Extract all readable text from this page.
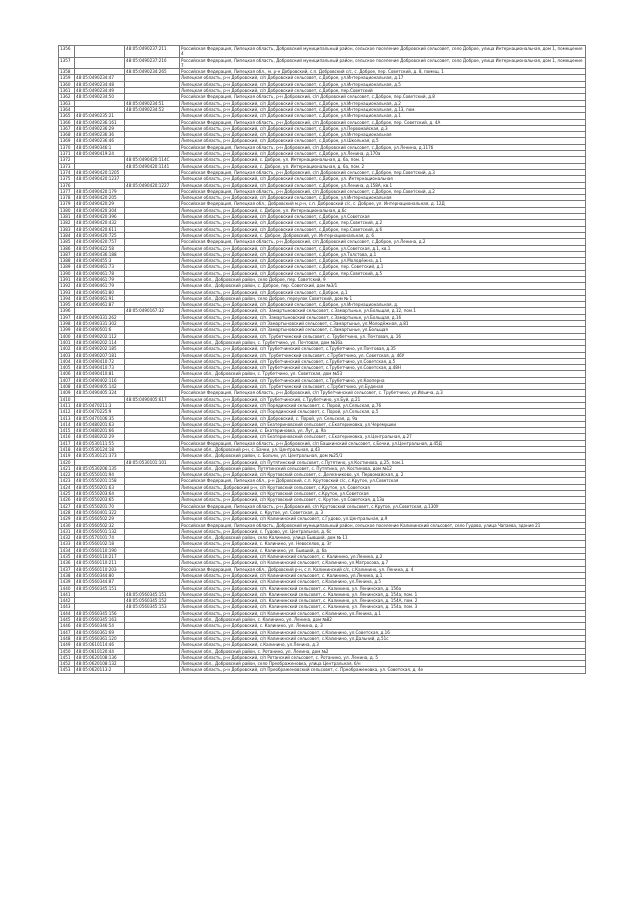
1356		48:05:0490237:211	Российская Федерация, Липецкая область, Добровский муниципальный район, сельское поселение Добровский сельсовет, село Доброе, улица Интернациональная, дом 1, помещение 4
1357		48:05:0490237:216	Российская Федерация, Липецкая область, Добровский муниципальный район, сельское поселение Добровский сельсовет, село Доброе, улица Интернациональная, дом 1, помещение 7
1358		48:05:0490234:265	Российская Федерация, Липецкая обл., м. р-н Добровский, с.п. Добровский с/с, с. Доброе, пер. Советский, д. 8, помещ. 1
1359	48:05:0490234:47		Липецкая область, р-н Добровский, с/п Добровский сельсовет, с.Доброе, ул.Интернациональная, д.17
1360	48:05:0490234:48		Липецкая область, р-н Добровский, с/п Добровский сельсовет, с.Доброе, ул.Интернациональная, д.5
1361	48:05:0490234:49		Липецкая область, р-н Добровский, с/п Добровский сельсовет, с.Доброе, пер.Советский
1362	48:05:0490234:50		Российская Федерация, Липецкая область, р-н Добровский, с/п Добровский сельсовет, с.Доброе, пер.Советский, д.8
1363		48:05:0490234:51	Липецкая область, р-н Добровский, с/п Добровский сельсовет, с.Доброе, ул.Интернациональная, д.2
1364		48:05:0490234:52	Липецкая область, р-н Добровский, с/п Добровский сельсовет, с.Доброе, ул.Интернациональная, д.13, пом.
1365	48:05:0490235:21		Липецкая область, р-н Добровский, с/п Добровский сельсовет, с.Доброе, ул.Интернациональная, д.1
1366	48:05:0490236:161		Российская Федерация, Липецкая область, р-н Добровский, с/п Добровский сельсовет, с.Доброе, пер. Советский, д. 4А
1367	48:05:0490236:29		Липецкая область, р-н Добровский, с/п Добровский сельсовет, с.Доброе, ул.Первомайская, д.3
1368	48:05:0490236:36		Липецкая область, р-н Добровский, с/п Добровский сельсовет, с.Доброе, ул.Интернациональная
1369	48:05:0490236:46		Липецкая область, р-н Добровский, с/п Добровский сельсовет, с.Доброе, ул.Школьная, д.5
1370	48:05:0490346:1		Российская Федерация, Липецкая область, р-н Добровский, с/п Добровский сельсовет, с.Доброе, ул.Ленина, д.117б
1371	48:05:0490419:24		Липецкая область, р-н Добровский, с/п Добровский сельсовет, с.Доброе, ул.Ленина, д.170а
1372		48:05:0490420:114С	Липецкая область, р-н Добровский, с. Доброе, ул. Интернациональная, д. 6а, пом. 1
1373		48:05:0490420:1141	Липецкая область, р-н Добровский, с. Доброе, ул. Интернациональная, д. 6а, пом. 2
1374	48:05:0490420:1205		Российская Федерация, Липецкая область, р-н Добровский, с/п Добровский сельсовет, с.Доброе, пер.Советский, д.3
1375	48:05:0490420:1237		Липецкая область, р-н Добровский, с/п Добровский сельсовет, с.Доброе, ул. Интернациональная
1376		48:05:0490420:1227	Липецкая область, р-н Добровский, с/п Добровский сельсовет, с.Доброе, ул.Ленина, д.158А, кв.1
1377	48:05:0490420:179		Российская Федерация, Липецкая область, р-н Добровский, с/п Добровский сельсовет, с.Доброе, пер.Советский, д.2
1378	48:05:0490420:205		Липецкая область, р-н Добровский, с/п Добровский сельсовет, с.Доброе, ул.Интернациональная
1379	48:05:0490420:29		Российская Федерация, Липецкая обл., Добровский м.р-н, с.п. Добровский с/с, с. Доброе, ул. Интернациональная, д. 12Д
1380	48:05:0490420:304		Липецкая область, р-н Добровский, с. Доброе, ул. Интернациональная, д.6с
1381	48:05:0490420:396		Липецкая область, р-н Добровский, с/п Добровский сельсовет, с.Доброе, ул.Советская
1382	48:05:0490420:432		Липецкая область, р-н Добровский, с/п Добровский сельсовет, с.Доброе, пер.Советский, д.2
1383	48:05:0490420:611		Липецкая область, р-н Добровский, с/п Добровский сельсовет, с.Доброе, пер.Советский, д.6
1384	48:05:0490420:725		Липецкая область, р-н Добровский, с. Доброе, Добровский, ул. Интернациональная, д. 6
1385	48:05:0490420:757		Российская Федерация, Липецкая область, р-н Добровский, с/п Добровский сельсовет, с.Доброе, ул.Ленина, д.2
1386	48:05:0490422:58		Липецкая область, р-н Добровский, с/п Добровский сельсовет, с.Доброе, ул.Советская, д.1, кв.1
1387	48:05:0490436:188		Липецкая область, р-н Добровский, с/п Добровский сельсовет, с.Доброе, ул.Толстова, д.1
1388	48:05:0490455:3		Липецкая область, р-н Добровский, с/п Добровский сельсовет, с.Доброе, ул.Молодёжна, д.1
1389	48:05:0490461:73		Липецкая область, р-н Добровский, с/п Добровский сельсовет, с.Доброе, пер. Советский, д.1
1390	48:05:0490461:78		Липецкая область, р-н Добровский, с/п Добровский сельсовет, с.Доброе, пер.Советский, д.5
1391	48:05:0490461:79		Липецкая обл., Добровский район, село Доброе, пер. Советский, 9
1392	48:05:0490461:79		Липецкая обл., Добровский район, с. Доброе, пер. Советский, дом №3/1
1393	48:05:0490461:80		Липецкая область, р-н Добровский, с/п Добровский сельсовет, с.Доброе, д.1
1394	48:05:0490461:91		Липецкая обл., Добровский район, село Доброе, переулок Советский, дом № 1
1395	48:05:0490461:87		Липецкая область, р-н Добровский, с/п Добровский сельсовет, с.Доброе, ул.Интернациональная, д.
1396		48:05:0490167:32	Липецкая область, р-н Добровский, с/п. Замартыновский сельсовет, с.Замартынье, ул.Больщая, д.12, пом.1
1397	48:05:0490331:262		Липецкая область, р-н Добровский, с/п. Замартыновский сельсовет, с.Замартынье, ул.Больщая, д.16
1398	48:05:0490331:302		Липецкая область, р-н Добровский, с/п Замартыновский сельсовет, с.Замартынье, ул.Молодёжная, д.81
1399	48:05:0490501:6		Липецкая область, р-н Добровский, с/п Замартыновский сельсовет, с.Замартынье, ул.Больщая
1400	48:05:0490202:112		Липецкая область, р-н Добровский, с/п. Трубетчинский сельсовет, с. Трубетчино, ул. Почтовая, д. 16
1401	48:05:0490202:114		Липецкая обл., Добровский район, с. Трубетчино, ул. Почтовая, дом №16а
1402	48:05:0490202:185		Липецкая область, р-н Добровский, с/п Трубетчинский сельсовет, с.Трубетчино, ул.Почтовая, д.35
1403	48:05:0490207:181		Липецкая область, р-н Добровский, с/п. Трубетчинский сельсовет, с.Трубетчино, ул. Советская, д. 46У
1404	48:05:0490410:72		Липецкая область, р-н Добровский, с/п Трубетчинский сельсовет, с.Трубетчино, ул.Советская, д.5
1405	48:05:0490410:73		Липецкая область, р-н Добровский, с/п Трубетчинский сельсовет, с.Трубетчино, ул.Советская, д.48Н
1406	48:05:0490410:81		Липецкая обл., Добровский район, с. Трубетчино, ул. Советская, дом №53
1407	48:05:0490402:116		Липецкая область, р-н Добровский, с/п Трубетчинский сельсовет, с.Трубетчино, ул.Кооперна
1408	48:05:0490405:142		Липецкая область, р-н Добровский, с/п. Трубетчинский сельсовет, с.Трубетчино, ул.Буденая
1409	48:05:0490405:324		Российская Федерация, Липецкая область, р-н Добровский, с/п Трубетчинский сельсовет, с. Трубетчино, ул.Ильича, д.3
1410		48:05:0490405:617	Липецкая область, р-н Добровский, с/п Трубетчинский, с.Трубетчино, ул.Буй, д.21
1411	48:05:0470211:3		Липецкая область, р-н Добровский, с/п Порядинский сельсовет, с. Порой, ул.Сельская, д.76
1412	48:05:0470225:9		Липецкая область, р-н Добровский, с/п Порядинский сельсовет, с. Порой, ул.Сельская, д.5
1413	48:05:0470106:35		Липецкая область, р-н Добровский, с/п Добровский, с. Порой, ул. Сельская, д. 9а
1414	48:05:0480201:63		Липецкая область, р-н Добровский, с/п Екатериновский сельсовет, с.Екатериновка, ул.Черемушки
1415	48:05:0480201:66		Липецкая область, р-н Добровский, с. Екатериновка, ул. Луг, д. 9а
1416	48:05:0480202:29		Липецкая область, р-н Добровский, с/п Екатериновский сельсовет, с.Екатериновка, ул.Центральная, д.27
1417	48:05:0530111:55		Российская Федерация, Липецкая область, р-н Добровский, с/п Башкинский сельсовет, с.Бочки, ул.Центральная, д.45Д
1418	48:05:0530124:18		Липецкая обл., Добровский р-н, с. Бачки, ул. Центральная, д.43
1419	48:05:0530121:373		Липецкая обл., Добровский район, с. Больчи, ул. Центральная, дом №25/1
1420		48:05:0530101:101	Липецкая область, р-н Добровский, с/п Путятинский сельсовет, с.Путятино, ул.Костинова, д.25, пом.1
1421	48:05:0530206:135		Липецкая обл., Добровский район, Путятинский сельсовет, с. Путятина, ул. Костинова, дом №12
1422	48:05:0550101:94		Липецкая область, р-н Добровский, с/п Крутовский сельсовет, с. Делезниково, ул. Первомайская, д. 2
1423	48:05:0550201:158		Российская Федерация, Липецкая обл., р-н Добровский, с.п. Крутовский с/с, с.Крутое, ул.Советская
1424	48:05:0550201:63		Липецкая область, Добровский р-н, с/п Крутовский сельсовет, с.Крутое, ул. Советская
1425	48:05:0550203:64		Липецкая область, р-н Добровский, с/п Крутовский сельсовет, с.Крутое, ул.Советская
1426	48:05:0550203:65		Липецкая область, р-н Добровский, с/п Крутовский сельсовет, с. Крутое, ул.Советская, д.13а
1427	48:05:0550201:70		Российская Федерация, Липецкая область, р-н Добровский, с/п Крутовский сельсовет, с.Крутое, ул.Советская, д.130У
1428	48:05:0560401:322		Липецкая область, р-н Добровский, с. Крутое, ул. Советская, д. 3
1429	48:05:0560502:29		Липецкая область, р-н Добровский, с/п Калининский сельсовет, с.Гудово, ул.Центральная, д.9
1430	48:05:0560502:32		Российская Федерация, Липецкая область, Добровский муниципальный район, сельское поселение Калининский сельсовет, село Гудово, улица Чапаева, здание 21
1431	48:05:0560501:132		Липецкая область, р-н Добровский, с. Гудово, ул. Центральная, д. 6с
1432	48:05:0570101:74		Липецкая обл., Добровский район, село Калинино, улица Бывший, дом № 11
1433	48:05:0560102:18		Липецкая область, р-н Добровский, с. Калинино, ул. Невоселов, д. 3г
1434	48:05:0560110:190		Липецкая область, р-н Добровский, с. Калинино, ул. Бывший, д. 6а
1435	48:05:0560110:217		Липецкая область, р-н Добровский, с/п Калининский сельсовет, с. Калинино, ул.Ленина, д.2
1436	48:05:0560110:211		Липецкая область, р-н Добровский, с/п Калининский сельсовет, с.Калинино, ул.Матросова, д.7
1437	48:05:0560110:203		Российская Федерация, Липецкая обл., Добровский р-н, с.п. Калининский с/с, с.Калинино, ул. Ленина, д. 4
1438	48:05:0560344:80		Липецкая область, р-н Добровский, с/п Калининский сельсовет, с. Калинино, ул.Ленина, д.1
1439	48:05:0560344:87		Липецкая область, р-н Добровский, с/п Калининский сельсовет, с.Калинино, ул.Ленина, д.5
1440	48:05:0560345:151		Липецкая область, р-н Добровский, с/п. Калининский сельсовет, с. Калинино, ул. Ленинская, д. 156а
1441		48:05:0560345:151	Липецкая область, р-н Добровский, с/п. Калининский сельсовет, с. Калинино, ул. Ленинская, д. 154а, пом. 1
1442		48:05:0560345:152	Липецкая область, р-н Добровский, с/п. Калининский сельсовет, с. Калинино, ул. Ленинская, д. 154А, пом. 2
1443		48:05:0560345:153	Липецкая область, р-н Добровский, с/п. Калининский сельсовет, с. Калинино, ул. Ленинская, д. 154а, пом. 3
1444	48:05:0560345:156		Липецкая область, р-н Добровский, с/п Калининский сельсовет, с.Калинино, ул.Ленина, д.1
1445	48:05:0560345:163		Липецкая обл., Добровский район, с. Калинино, ул. Ленина, дом №82
1446	48:05:0560346:54		Липецкая область, р-н Добровский, с. Калинино, ул. Ленина, д. 3
1447	48:05:0560361:69		Липецкая область, р-н Добровский, с/п Калининский сельсовет, с.Калинино, ул.Советская, д.16
1448	48:05:0560361:120		Липецкая область, р-н Добровский, с/п Калининский сельсовет, с.Калинино, ул.Дальний, д.51с
1449	48:05:0610114:46		Липецкая область, р-н Добровский, с.Калинино, ул.Ленина, д.3
1450	48:05:0610120:44		Липецкая обл., Добровский район, с. Ротанино, ул. Ленина, дом №2
1451	48:05:0620108:136		Липецкая область, р-н Добровский, с/п Ротанский сельсовет, с. Ротанино, ул. Ленина, д. 5
1452	48:05:0620108:132		Липецкая обл., Добровский район, село Преображеновка, улица Центральная, б/н
1453	48:05:0620113:2		Липецкая область, р-н Добровский, с/п Преображеновский сельсовет, с. Преображеновка, ул. Советская, д. 4е
